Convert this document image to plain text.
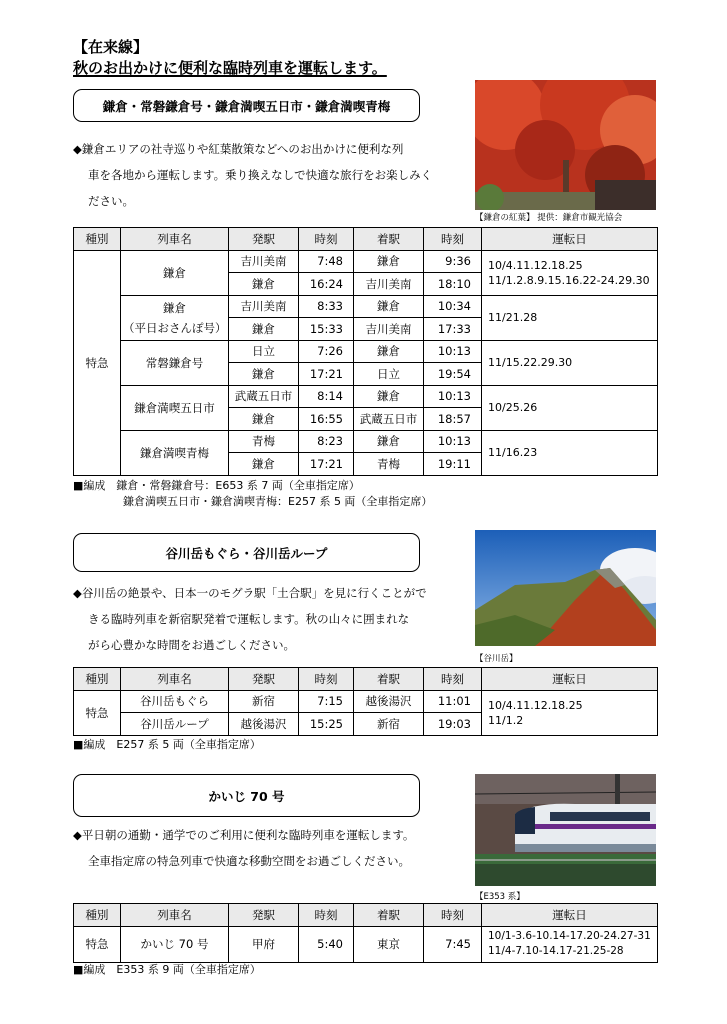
【在来線】
秋のお出かけに便利な臨時列車を運転します。
鎌倉・常磐鎌倉号・鎌倉満喫五日市・鎌倉満喫青梅
◆鎌倉エリアの社寺巡りや紅葉散策などへのお出かけに便利な列
車を各地から運転します。乗り換えなしで快適な旅行をお楽しみく
ださい。
【鎌倉の紅葉】 提供：鎌倉市観光協会
種別	列車名	発駅	時刻	着駅	時刻	運転日
特急	鎌倉	吉川美南	7:48	鎌倉	9:36	10/4.11.12.18.25
11/1.2.8.9.15.16.22-24.29.30

		鎌倉	16:24	吉川美南	18:10	

	鎌倉
（平日おさんぽ号）	吉川美南	8:33	鎌倉	10:34	11/21.28
		鎌倉	15:33	吉川美南	17:33	
	常磐鎌倉号	日立	7:26	鎌倉	10:13	11/15.22.29.30
		鎌倉	17:21	日立	19:54	
	鎌倉満喫五日市	武蔵五日市	8:14	鎌倉	10:13	10/25.26
		鎌倉	16:55	武蔵五日市	18:57	
	鎌倉満喫青梅	青梅	8:23	鎌倉	10:13	11/16.23
		鎌倉	17:21	青梅	19:11	
■編成　鎌倉・常磐鎌倉号：E653 系 7 両（全車指定席）
鎌倉満喫五日市・鎌倉満喫青梅：E257 系 5 両（全車指定席）
谷川岳もぐら・谷川岳ループ
◆谷川岳の絶景や、日本一のモグラ駅「土合駅」を見に行くことがで
きる臨時列車を新宿駅発着で運転します。秋の山々に囲まれな
がら心豊かな時間をお過ごしください。
【谷川岳】
種別	列車名	発駅	時刻	着駅	時刻	運転日
特急	谷川岳もぐら	新宿	7:15	越後湯沢	11:01	10/4.11.12.18.25
11/1.2

	谷川岳ループ	越後湯沢	15:25	新宿	19:03	
■編成　E257 系 5 両（全車指定席）
かいじ 70 号
◆平日朝の通勤・通学でのご利用に便利な臨時列車を運転します。
全車指定席の特急列車で快適な移動空間をお過ごしください。
【E353 系】
種別	列車名	発駅	時刻	着駅	時刻	運転日
特急	かいじ 70 号	甲府	5:40	東京	7:45	10/1-3.6-10.14-17.20-24.27-31
11/4-7.10-14.17-21.25-28
■編成　E353 系 9 両（全車指定席）
